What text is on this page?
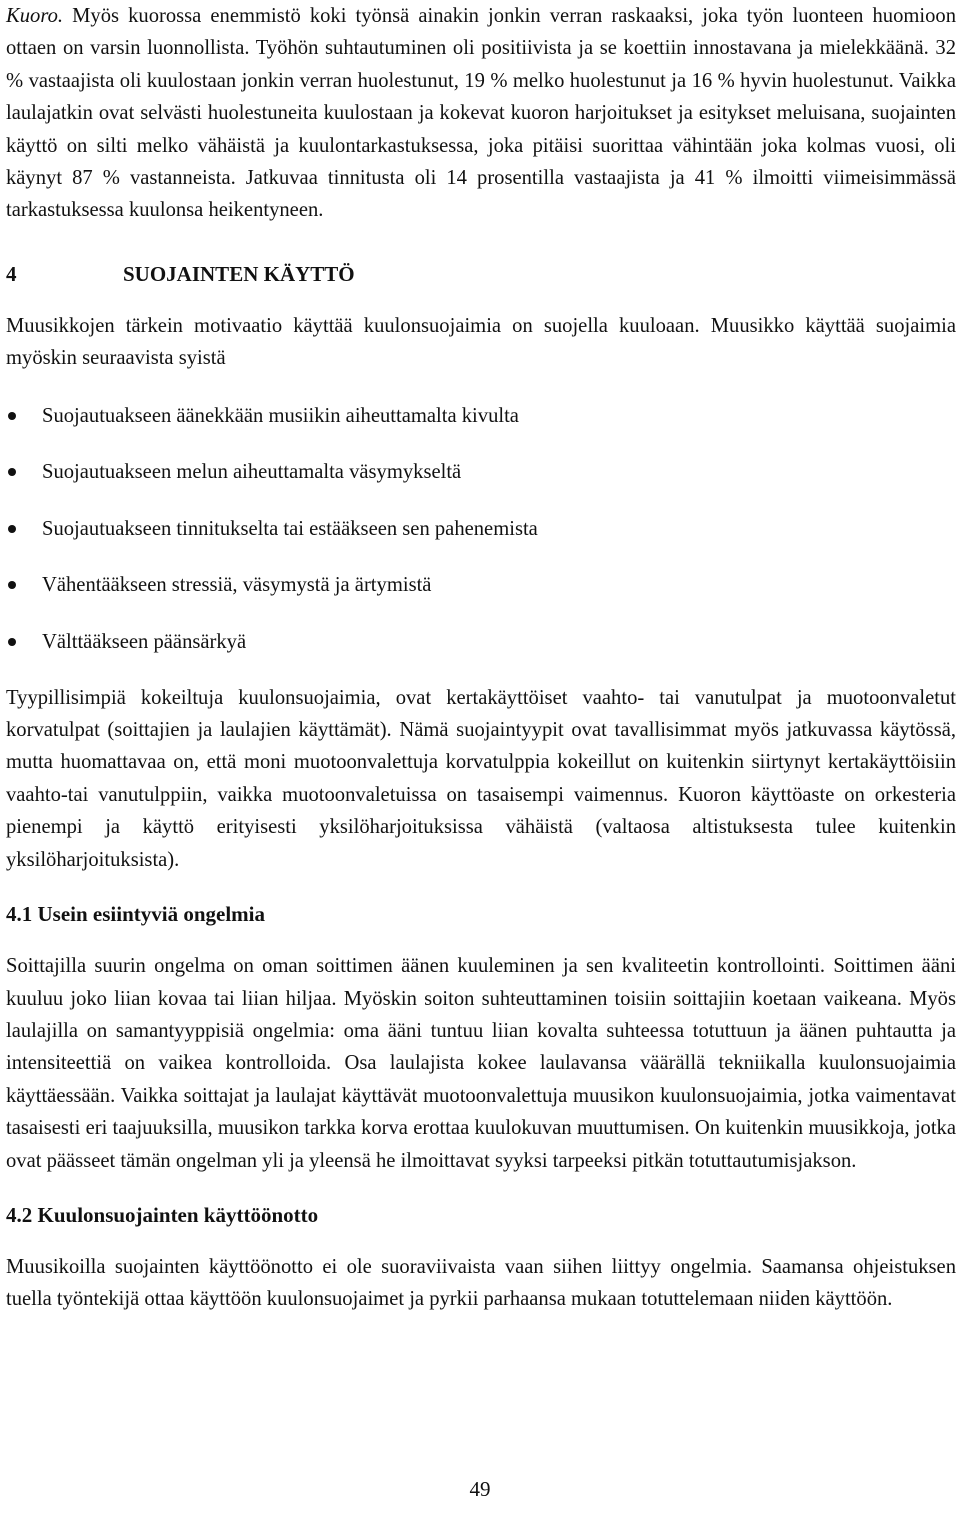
Kuoro. Myös kuorossa enemmistö koki työnsä ainakin jonkin verran raskaaksi, joka työn luonteen huomioon ottaen on varsin luonnollista. Työhön suhtautuminen oli positiivista ja se koettiin innostavana ja mielekkäänä. 32 % vastaajista oli kuulostaan jonkin verran huolestunut, 19 % melko huolestunut ja 16 % hyvin huolestunut. Vaikka laulajatkin ovat selvästi huolestuneita kuulostaan ja kokevat kuoron harjoitukset ja esitykset meluisana, suojainten käyttö on silti melko vähäistä ja kuulontarkastuksessa, joka pitäisi suorittaa vähintään joka kolmas vuosi, oli käynyt 87 % vastanneista. Jatkuvaa tinnitusta oli 14 prosentilla vastaajista ja 41 % ilmoitti viimeisimmässä tarkastuksessa kuulonsa heikentyneen.

4	SUOJAINTEN KÄYTTÖ

Muusikkojen tärkein motivaatio käyttää kuulonsuojaimia on suojella kuuloaan. Muusikko käyttää suojaimia myöskin seuraavista syistä

Suojautuakseen äänekkään musiikin aiheuttamalta kivulta
Suojautuakseen melun aiheuttamalta väsymykseltä
Suojautuakseen tinnitukselta tai estääkseen sen pahenemista
Vähentääkseen stressiä, väsymystä ja ärtymistä
Välttääkseen päänsärkyä

Tyypillisimpiä kokeiltuja kuulonsuojaimia, ovat kertakäyttöiset vaahto- tai vanutulpat ja muotoonvaletut korvatulpat (soittajien ja laulajien käyttämät). Nämä suojaintyypit ovat tavallisimmat myös jatkuvassa käytössä, mutta huomattavaa on, että moni muotoonvalettuja korvatulppia kokeillut on kuitenkin siirtynyt kertakäyttöisiin vaahto-tai vanutulppiin, vaikka muotoonvaletuissa on tasaisempi vaimennus. Kuoron käyttöaste on orkesteria pienempi ja käyttö erityisesti yksilöharjoituksissa vähäistä (valtaosa altistuksesta tulee kuitenkin yksilöharjoituksista).

4.1 Usein esiintyviä ongelmia

Soittajilla suurin ongelma on oman soittimen äänen kuuleminen ja sen kvaliteetin kontrollointi. Soittimen ääni kuuluu joko liian kovaa tai liian hiljaa. Myöskin soiton suhteuttaminen toisiin soittajiin koetaan vaikeana. Myös laulajilla on samantyyppisiä ongelmia: oma ääni tuntuu liian kovalta suhteessa totuttuun ja äänen puhtautta ja intensiteettiä on vaikea kontrolloida. Osa laulajista kokee laulavansa väärällä tekniikalla kuulonsuojaimia käyttäessään. Vaikka soittajat ja laulajat käyttävät muotoonvalettuja muusikon kuulonsuojaimia, jotka vaimentavat tasaisesti eri taajuuksilla, muusikon tarkka korva erottaa kuulokuvan muuttumisen. On kuitenkin muusikkoja, jotka ovat päässeet tämän ongelman yli ja yleensä he ilmoittavat syyksi tarpeeksi pitkän totuttautumisjakson.

4.2 Kuulonsuojainten käyttöönotto

Muusikoilla suojainten käyttöönotto ei ole suoraviivaista vaan siihen liittyy ongelmia. Saamansa ohjeistuksen tuella työntekijä ottaa käyttöön kuulonsuojaimet ja pyrkii parhaansa mukaan totuttelemaan niiden käyttöön.

49
